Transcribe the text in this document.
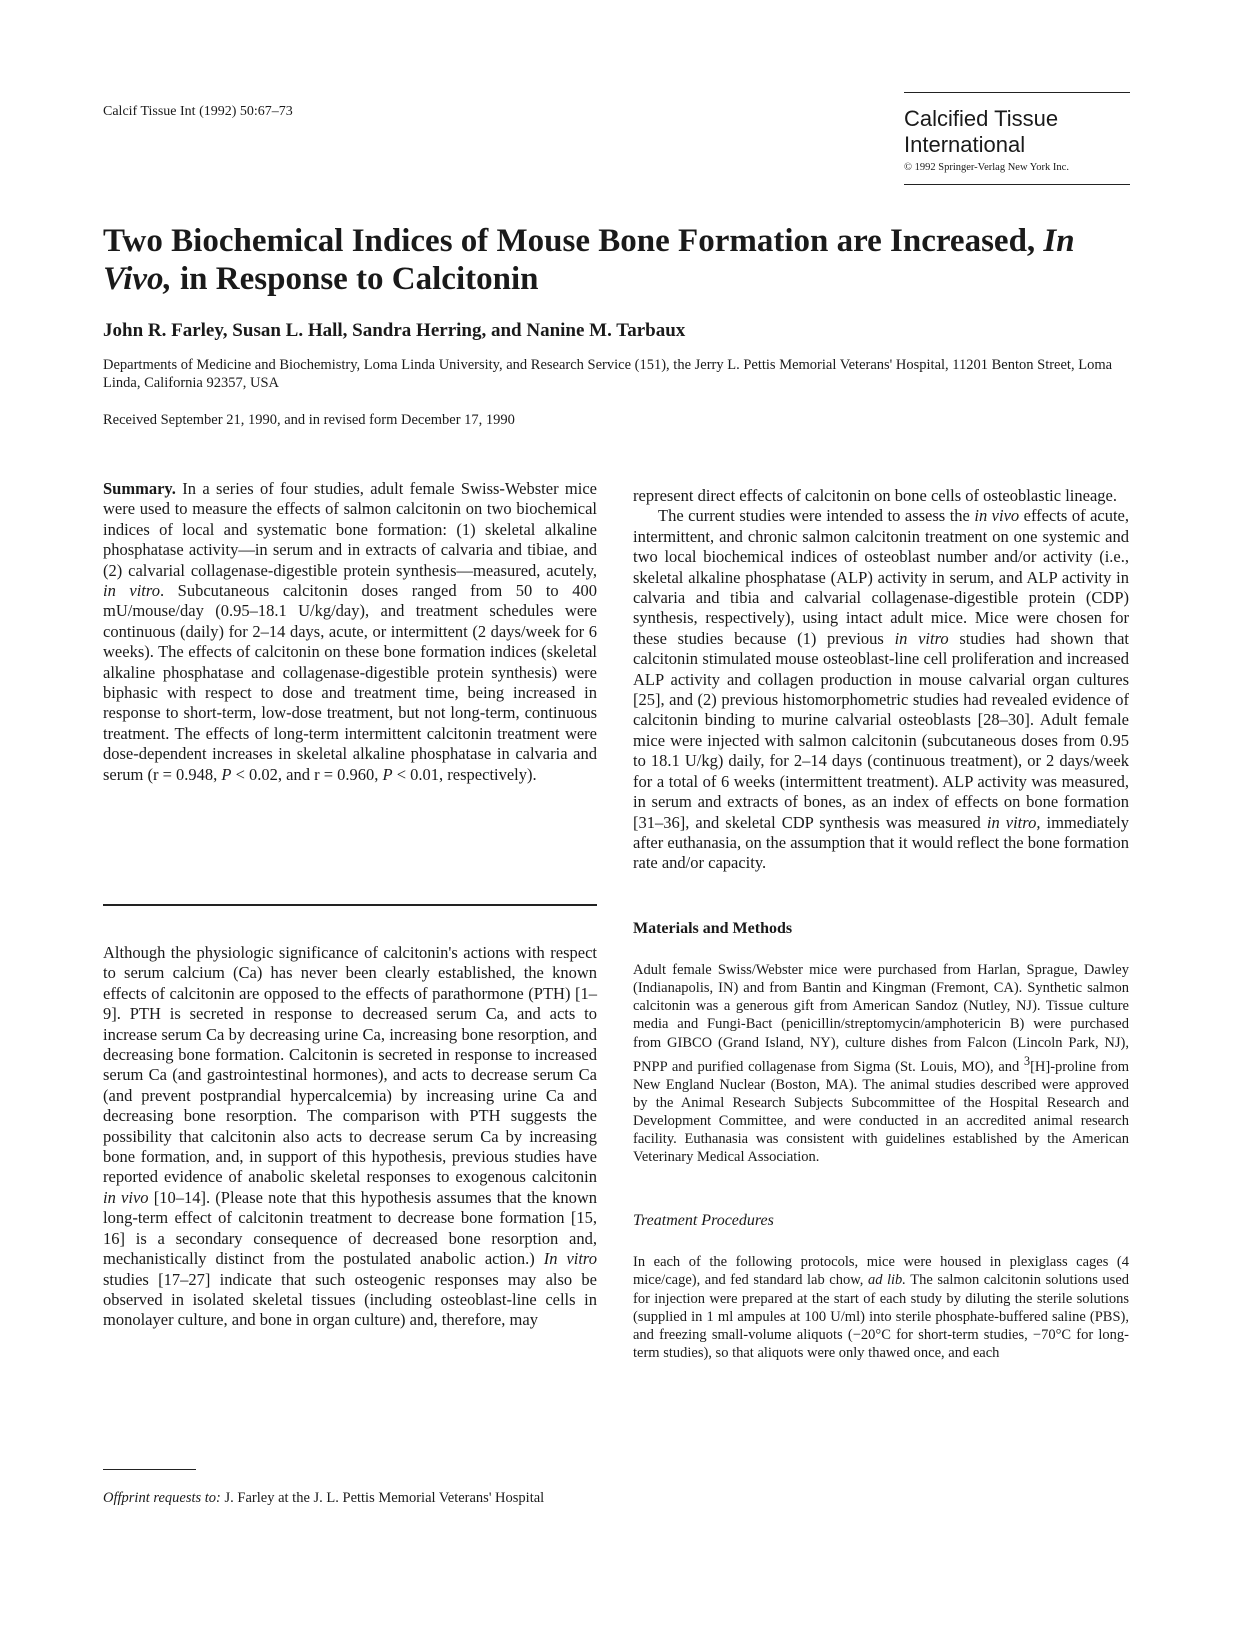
Calcif Tissue Int (1992) 50:67–73	Calcified Tissue
International
© 1992 Springer-Verlag New York Inc.
Two Biochemical Indices of Mouse Bone Formation are Increased, In
Vivo, in Response to Calcitonin
John R. Farley, Susan L. Hall, Sandra Herring, and Nanine M. Tarbaux
Departments of Medicine and Biochemistry, Loma Linda University, and Research Service (151), the Jerry L. Pettis Memorial Veterans' Hospital, 11201 Benton Street, Loma Linda, California 92357, USA
Received September 21, 1990, and in revised form December 17, 1990

Summary. In a series of four studies, adult female Swiss-Webster mice were used to measure the effects of salmon calcitonin on two biochemical indices of local and systematic bone formation: (1) skeletal alkaline phosphatase activity—in serum and in extracts of calvaria and tibiae, and (2) calvarial collagenase-digestible protein synthesis—measured, acutely, in vitro. Subcutaneous calcitonin doses ranged from 50 to 400 mU/mouse/day (0.95–18.1 U/kg/day), and treatment schedules were continuous (daily) for 2–14 days, acute, or intermittent (2 days/week for 6 weeks). The effects of calcitonin on these bone formation indices (skeletal alkaline phosphatase and collagenase-digestible protein synthesis) were biphasic with respect to dose and treatment time, being increased in response to short-term, low-dose treatment, but not long-term, continuous treatment. The effects of long-term intermittent calcitonin treatment were dose-dependent increases in skeletal alkaline phosphatase in calvaria and serum (r = 0.948, P < 0.02, and r = 0.960, P < 0.01, respectively).

Although the physiologic significance of calcitonin's actions with respect to serum calcium (Ca) has never been clearly established, the known effects of calcitonin are opposed to the effects of parathormone (PTH) [1–9]. PTH is secreted in response to decreased serum Ca, and acts to increase serum Ca by decreasing urine Ca, increasing bone resorption, and decreasing bone formation. Calcitonin is secreted in response to increased serum Ca (and gastrointestinal hormones), and acts to decrease serum Ca (and prevent postprandial hypercalcemia) by increasing urine Ca and decreasing bone resorption. The comparison with PTH suggests the possibility that calcitonin also acts to decrease serum Ca by increasing bone formation, and, in support of this hypothesis, previous studies have reported evidence of anabolic skeletal responses to exogenous calcitonin in vivo [10–14]. (Please note that this hypothesis assumes that the known long-term effect of calcitonin treatment to decrease bone formation [15, 16] is a secondary consequence of decreased bone resorption and, mechanistically distinct from the postulated anabolic action.) In vitro studies [17–27] indicate that such osteogenic responses may also be observed in isolated skeletal tissues (including osteoblast-line cells in monolayer culture, and bone in organ culture) and, therefore, may

Offprint requests to: J. Farley at the J. L. Pettis Memorial Veterans' Hospital

represent direct effects of calcitonin on bone cells of osteoblastic lineage.

The current studies were intended to assess the in vivo effects of acute, intermittent, and chronic salmon calcitonin treatment on one systemic and two local biochemical indices of osteoblast number and/or activity (i.e., skeletal alkaline phosphatase (ALP) activity in serum, and ALP activity in calvaria and tibia and calvarial collagenase-digestible protein (CDP) synthesis, respectively), using intact adult mice. Mice were chosen for these studies because (1) previous in vitro studies had shown that calcitonin stimulated mouse osteoblast-line cell proliferation and increased ALP activity and collagen production in mouse calvarial organ cultures [25], and (2) previous histomorphometric studies had revealed evidence of calcitonin binding to murine calvarial osteoblasts [28–30]. Adult female mice were injected with salmon calcitonin (subcutaneous doses from 0.95 to 18.1 U/kg) daily, for 2–14 days (continuous treatment), or 2 days/week for a total of 6 weeks (intermittent treatment). ALP activity was measured, in serum and extracts of bones, as an index of effects on bone formation [31–36], and skeletal CDP synthesis was measured in vitro, immediately after euthanasia, on the assumption that it would reflect the bone formation rate and/or capacity.

Materials and Methods

Adult female Swiss/Webster mice were purchased from Harlan, Sprague, Dawley (Indianapolis, IN) and from Bantin and Kingman (Fremont, CA). Synthetic salmon calcitonin was a generous gift from American Sandoz (Nutley, NJ). Tissue culture media and Fungi-Bact (penicillin/streptomycin/amphotericin B) were purchased from GIBCO (Grand Island, NY), culture dishes from Falcon (Lincoln Park, NJ), PNPP and purified collagenase from Sigma (St. Louis, MO), and $^3$[H]-proline from New England Nuclear (Boston, MA). The animal studies described were approved by the Animal Research Subjects Subcommittee of the Hospital Research and Development Committee, and were conducted in an accredited animal research facility. Euthanasia was consistent with guidelines established by the American Veterinary Medical Association.

Treatment Procedures

In each of the following protocols, mice were housed in plexiglass cages (4 mice/cage), and fed standard lab chow, ad lib. The salmon calcitonin solutions used for injection were prepared at the start of each study by diluting the sterile solutions (supplied in 1 ml ampules at 100 U/ml) into sterile phosphate-buffered saline (PBS), and freezing small-volume aliquots (−20°C for short-term studies, −70°C for long-term studies), so that aliquots were only thawed once, and each
